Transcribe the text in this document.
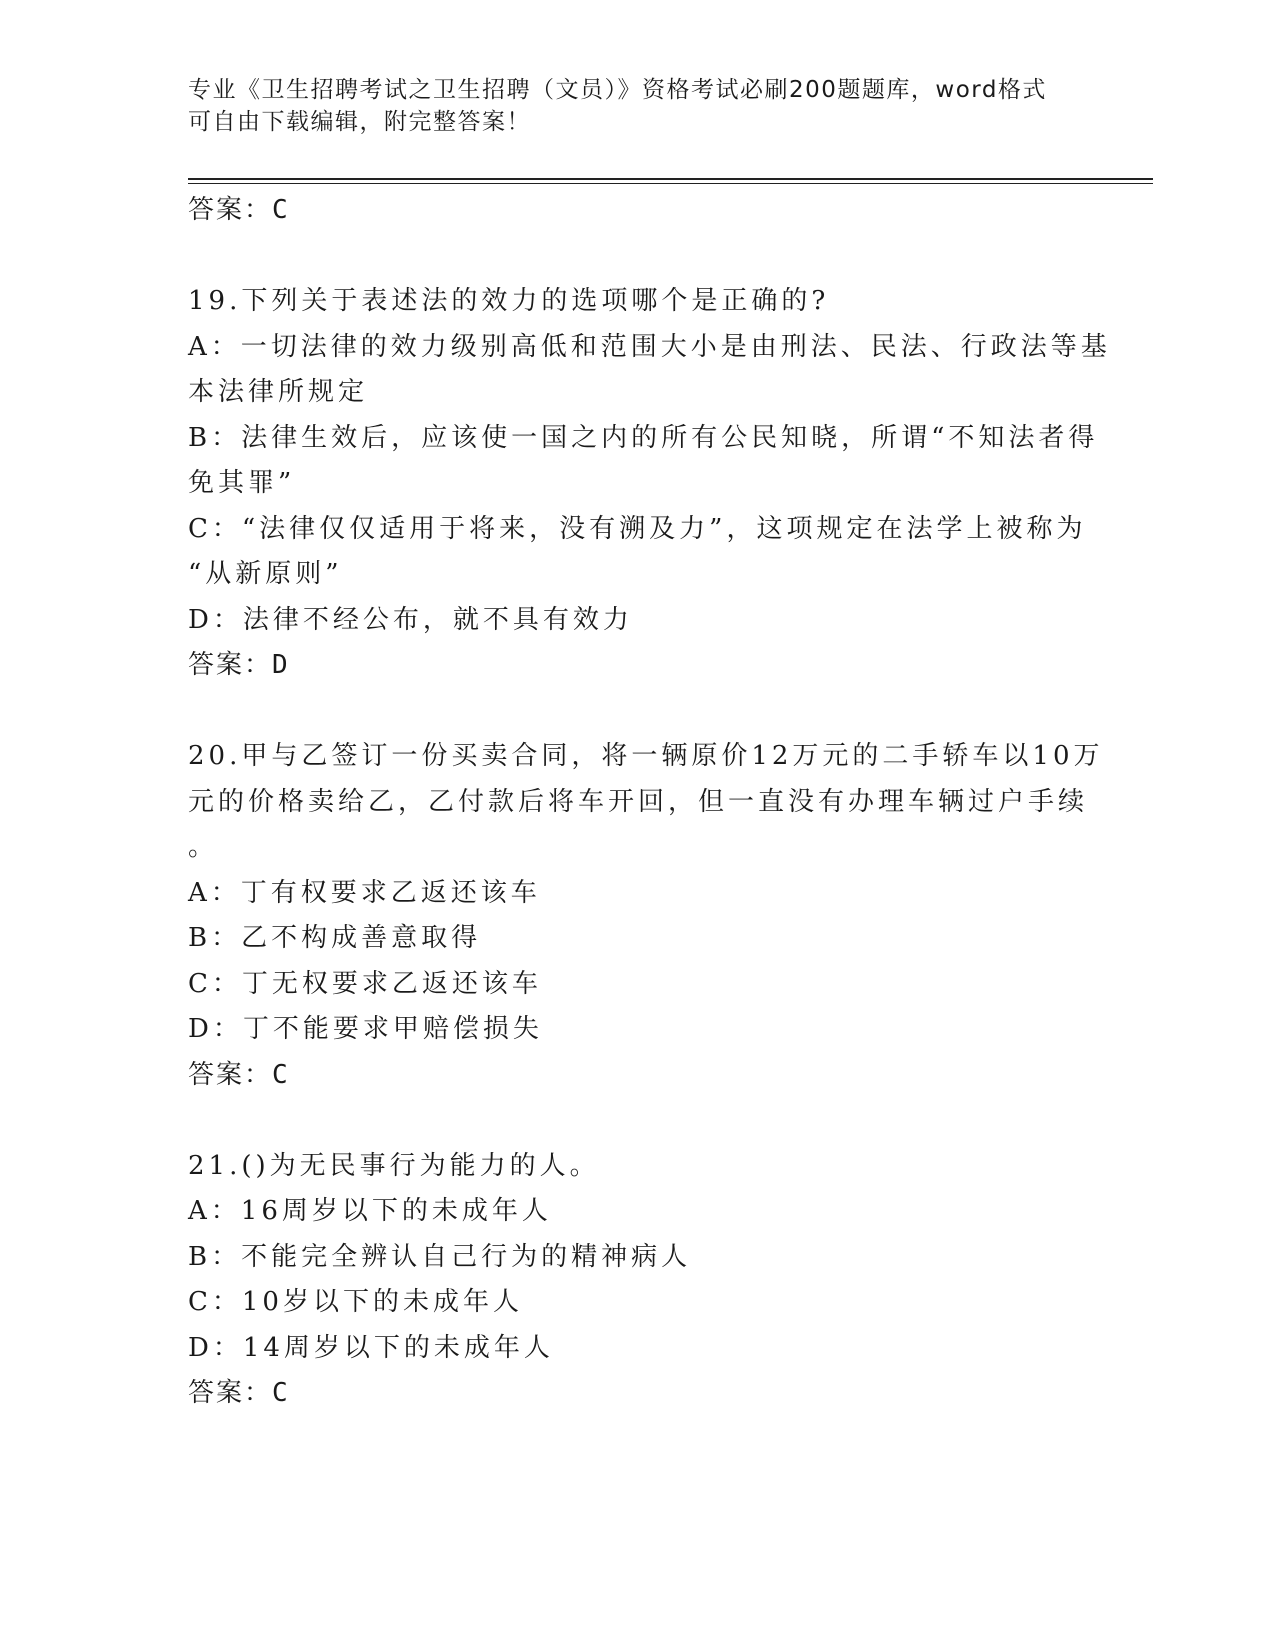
专业《卫生招聘考试之卫生招聘（文员）》资格考试必刷200题题库，word格式
可自由下载编辑，附完整答案！
答案：C
19.下列关于表述法的效力的选项哪个是正确的?
A：一切法律的效力级别高低和范围大小是由刑法、民法、行政法等基
本法律所规定
B：法律生效后，应该使一国之内的所有公民知晓，所谓“不知法者得
免其罪”
C：“法律仅仅适用于将来，没有溯及力”，这项规定在法学上被称为
“从新原则”
D：法律不经公布，就不具有效力
答案：D
20.甲与乙签订一份买卖合同，将一辆原价12万元的二手轿车以10万
元的价格卖给乙，乙付款后将车开回，但一直没有办理车辆过户手续
。
A：丁有权要求乙返还该车
B：乙不构成善意取得
C：丁无权要求乙返还该车
D：丁不能要求甲赔偿损失
答案：C
21.()为无民事行为能力的人。
A：16周岁以下的未成年人
B：不能完全辨认自己行为的精神病人
C：10岁以下的未成年人
D：14周岁以下的未成年人
答案：C
